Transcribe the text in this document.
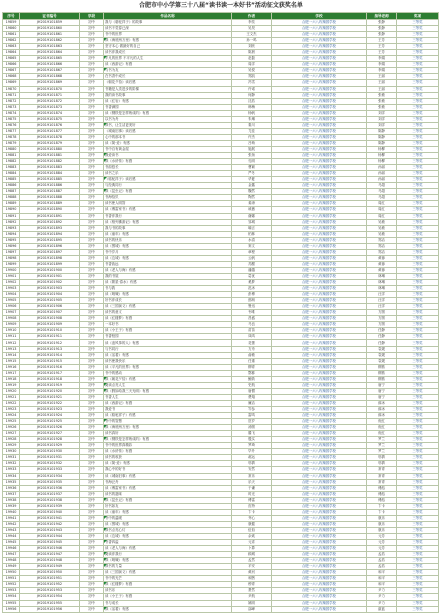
合肥市中小学第三十八届“读书读一本好书”活动征文获奖名单
序号	证书编号	学段	作品名称	作者	学校	指导老师	奖项
19859	JH2019101859	初中	我与《骆驼祥子》的故事	李奕	合肥一六八玫瑰园学校	张静	三等奖
19860	JH2019101860	初中	读书不觉春已深	吴昊	合肥一六八玫瑰园学校	张静	三等奖
19861	JH2019101861	初中	书中的世界	王文杰	合肥一六八玫瑰园学校	张静	三等奖
19862	JH2019101862	初中	读《海底两万里》有感	孙一鸣	合肥一六八玫瑰园学校	王芳	三等奖
19863	JH2019101863	初中	坚守本心 做最好的自己	刘欣	合肥一六八玫瑰园学校	王芳	三等奖
19864	JH2019101864	初中	读书伴我成长	陈晨	合肥一六八玫瑰园学校	王芳	三等奖
19865	JH2019101865	初中	平凡的世界 不平凡的人生	赵磊	合肥一六八玫瑰园学校	李娟	三等奖
19866	JH2019101866	初中	读《西游记》有感	周洋	合肥一六八玫瑰园学校	李娟	三等奖
19867	JH2019101867	初中	与书为友	吴悦	合肥一六八玫瑰园学校	李娟	三等奖
19868	JH2019101868	初中	在书香中成长	郑凯	合肥一六八玫瑰园学校	王丽	三等奖
19869	JH2019101869	初中	《朝花夕拾》读后感	冯雪	合肥一六八玫瑰园学校	王丽	三等奖
19870	JH2019101870	初中	书籍是人类进步的阶梯	许诺	合肥一六八玫瑰园学校	王丽	三等奖
19871	JH2019101871	初中	我的读书故事	何静	合肥一六八玫瑰园学校	张敏	三等奖
19872	JH2019101872	初中	读《红岩》有感	沈浩	合肥一六八玫瑰园学校	张敏	三等奖
19873	JH2019101873	初中	书香满园	韩梅	合肥一六八玫瑰园学校	张敏	三等奖
19874	JH2019101874	初中	读《钢铁是怎样炼成的》有感	杨帆	合肥一六八玫瑰园学校	刘洋	三等奖
19875	JH2019101875	初中	以书为舟	朱琳	合肥一六八玫瑰园学校	刘洋	三等奖
19876	JH2019101876	初中	读书，让生活更美好	秦川	合肥一六八玫瑰园学校	刘洋	三等奖
19877	JH2019101877	初中	《城南旧事》读后感	尤佳	合肥一六八玫瑰园学校	陈静	三等奖
19878	JH2019101878	初中	心中的那本书	许杰	合肥一六八玫瑰园学校	陈静	三等奖
19879	JH2019101879	初中	读《简·爱》有感	吕萌	合肥一六八玫瑰园学校	陈静	三等奖
19880	JH2019101880	初中	书中自有黄金屋	施展	合肥一六八玫瑰园学校	杨柳	三等奖
19881	JH2019101881	初中	我爱读书	张扬	合肥一六八玫瑰园学校	杨柳	三等奖
19882	JH2019101882	初中	读《水浒传》有感	孔明	合肥一六八玫瑰园学校	杨柳	三等奖
19883	JH2019101883	初中	书韵悠长	曹颖	合肥一六八玫瑰园学校	孙丽	三等奖
19884	JH2019101884	初中	读书之乐	严冬	合肥一六八玫瑰园学校	孙丽	三等奖
19885	JH2019101885	初中	《骆驼祥子》读后感	华夏	合肥一六八玫瑰园学校	孙丽	三等奖
19886	JH2019101886	初中	与经典同行	金鑫	合肥一六八玫瑰园学校	马超	三等奖
19887	JH2019101887	初中	读《昆虫记》有感	魏然	合肥一六八玫瑰园学校	马超	三等奖
19888	JH2019101888	初中	书海拾贝	陶然	合肥一六八玫瑰园学校	马超	三等奖
19889	JH2019101889	初中	读书使人明智	姜涛	合肥一六八玫瑰园学校	周红	三等奖
19890	JH2019101890	初中	读《傅雷家书》有感	戚薇	合肥一六八玫瑰园学校	周红	三等奖
19891	JH2019101891	初中	书香伴我行	谢娜	合肥一六八玫瑰园学校	周红	三等奖
19892	JH2019101892	初中	读《格列佛游记》有感	邹城	合肥一六八玫瑰园学校	吴敏	三等奖
19893	JH2019101893	初中	我与书的故事	喻言	合肥一六八玫瑰园学校	吴敏	三等奖
19894	JH2019101894	初中	读《童年》有感	柏林	合肥一六八玫瑰园学校	吴敏	三等奖
19895	JH2019101895	初中	读书的快乐	水清	合肥一六八玫瑰园学校	郑洁	三等奖
19896	JH2019101896	初中	读《围城》有感	窦文	合肥一六八玫瑰园学校	郑洁	三等奖
19897	JH2019101897	初中	书中岁月	章程	合肥一六八玫瑰园学校	郑洁	三等奖
19898	JH2019101898	初中	读《边城》有感	云帆	合肥一六八玫瑰园学校	黄蓉	三等奖
19899	JH2019101899	初中	书香致远	苏醒	合肥一六八玫瑰园学校	黄蓉	三等奖
19900	JH2019101900	初中	读《老人与海》有感	潘越	合肥一六八玫瑰园学校	黄蓉	三等奖
19901	JH2019101901	初中	我的书屋	葛优	合肥一六八玫瑰园学校	林琳	三等奖
19902	JH2019101902	初中	读《繁星·春水》有感	奚梦	合肥一六八玫瑰园学校	林琳	三等奖
19903	JH2019101903	初中	书与我	范冰	合肥一六八玫瑰园学校	林琳	三等奖
19904	JH2019101904	初中	读《呐喊》有感	彭博	合肥一六八玫瑰园学校	汪洋	三等奖
19905	JH2019101905	初中	好书伴成长	郎朗	合肥一六八玫瑰园学校	汪洋	三等奖
19906	JH2019101906	初中	读《三国演义》有感	鲁迅	合肥一六八玫瑰园学校	汪洋	三等奖
19907	JH2019101907	初中	读书的意义	韦唯	合肥一六八玫瑰园学校	方圆	三等奖
19908	JH2019101908	初中	读《红楼梦》有感	昌盛	合肥一六八玫瑰园学校	方圆	三等奖
19909	JH2019101909	初中	一本好书	马良	合肥一六八玫瑰园学校	方圆	三等奖
19910	JH2019101910	初中	读《小王子》有感	苗苗	合肥一六八玫瑰园学校	任静	三等奖
19911	JH2019101911	初中	书香校园	凤鸣	合肥一六八玫瑰园学校	任静	三等奖
19912	JH2019101912	初中	读《追风筝的人》有感	花蕾	合肥一六八玫瑰园学校	任静	三等奖
19913	JH2019101913	初中	与书同行	方舟	合肥一六八玫瑰园学校	袁媛	三等奖
19914	JH2019101914	初中	读《活着》有感	俞敏	合肥一六八玫瑰园学校	袁媛	三等奖
19915	JH2019101915	初中	读书使我快乐	任重	合肥一六八玫瑰园学校	袁媛	三等奖
19916	JH2019101916	初中	读《平凡的世界》有感	柳青	合肥一六八玫瑰园学校	柳燕	三等奖
19917	JH2019101917	初中	书中的感动	酆都	合肥一六八玫瑰园学校	柳燕	三等奖
19918	JH2019101918	初中	读《朝花夕拾》有感	鲍勃	合肥一六八玫瑰园学校	柳燕	三等奖
19919	JH2019101919	初中	阅读点亮人生	史航	合肥一六八玫瑰园学校	唐宁	三等奖
19920	JH2019101920	初中	读《假如给我三天光明》有感	唐僧	合肥一六八玫瑰园学校	唐宁	三等奖
19921	JH2019101921	初中	书香人生	费翔	合肥一六八玫瑰园学校	唐宁	三等奖
19922	JH2019101922	初中	读《西游记》有感	廉洁	合肥一六八玫瑰园学校	薛冰	三等奖
19923	JH2019101923	初中	我爱书	岑参	合肥一六八玫瑰园学校	薛冰	三等奖
19924	JH2019101924	初中	读《骆驼祥子》有感	雷鸣	合肥一六八玫瑰园学校	薛冰	三等奖
19925	JH2019101925	初中	书中的智慧	贺岁	合肥一六八玫瑰园学校	倪红	三等奖
19926	JH2019101926	初中	读《海底两万里》有感	汤圆	合肥一六八玫瑰园学校	倪红	三等奖
19927	JH2019101927	初中	读书真好	滕飞	合肥一六八玫瑰园学校	倪红	三等奖
19928	JH2019101928	初中	读《钢铁是怎样炼成的》有感	殷实	合肥一六八玫瑰园学校	罗兰	三等奖
19929	JH2019101929	初中	书中的世界真精彩	罗琦	合肥一六八玫瑰园学校	罗兰	三等奖
19930	JH2019101930	初中	读《水浒传》有感	毕升	合肥一六八玫瑰园学校	罗兰	三等奖
19931	JH2019101931	初中	读书的收获	郝运	合肥一六八玫瑰园学校	邬倩	三等奖
19932	JH2019101932	初中	读《简·爱》有感	邬倩	合肥一六八玫瑰园学校	邬倩	三等奖
19933	JH2019101933	初中	我心中的好书	安然	合肥一六八玫瑰园学校	常青	三等奖
19934	JH2019101934	初中	读《城南旧事》有感	常乐	合肥一六八玫瑰园学校	常青	三等奖
19935	JH2019101935	初中	书海泛舟	乐天	合肥一六八玫瑰园学校	常青	三等奖
19936	JH2019101936	初中	读《傅雷家书》有感	于谦	合肥一六八玫瑰园学校	傅彪	三等奖
19937	JH2019101937	初中	读书的滋味	时光	合肥一六八玫瑰园学校	傅彪	三等奖
19938	JH2019101938	初中	读《昆虫记》有感	傅雷	合肥一六八玫瑰园学校	傅彪	三等奖
19939	JH2019101939	初中	好书如友	皮特	合肥一六八玫瑰园学校	卞卡	三等奖
19940	JH2019101940	初中	读《童年》有感	卞卡	合肥一六八玫瑰园学校	卞卡	三等奖
19941	JH2019101941	初中	书中的温暖	齐心	合肥一六八玫瑰园学校	康乐	三等奖
19942	JH2019101942	初中	读《围城》有感	康健	合肥一六八玫瑰园学校	康乐	三等奖
19943	JH2019101943	初中	读书点亮心灯	伍佰	合肥一六八玫瑰园学校	康乐	三等奖
19944	JH2019101944	初中	读《边城》有感	余欢	合肥一六八玫瑰园学校	元芳	三等奖
19945	JH2019101945	初中	书香四溢	元宵	合肥一六八玫瑰园学校	元芳	三等奖
19946	JH2019101946	初中	读《老人与海》有感	卜算	合肥一六八玫瑰园学校	元芳	三等奖
19947	JH2019101947	初中	阅读伴我行	顾城	合肥一六八玫瑰园学校	孟浩	三等奖
19948	JH2019101948	初中	读《呐喊》有感	孟然	合肥一六八玫瑰园学校	孟浩	三等奖
19949	JH2019101949	初中	读书的力量	平安	合肥一六八玫瑰园学校	孟浩	三等奖
19950	JH2019101950	初中	读《三国演义》有感	黄河	合肥一六八玫瑰园学校	和平	三等奖
19951	JH2019101951	初中	书中的光芒	和煦	合肥一六八玫瑰园学校	和平	三等奖
19952	JH2019101952	初中	读《红楼梦》有感	穆青	合肥一六八玫瑰园学校	和平	三等奖
19953	JH2019101953	初中	读书乐	萧然	合肥一六八玫瑰园学校	尹力	三等奖
19954	JH2019101954	初中	读《小王子》有感	尹航	合肥一六八玫瑰园学校	尹力	三等奖
19955	JH2019101955	初中	书与成长	姚明	合肥一六八玫瑰园学校	尹力	三等奖
19956	JH2019101956	初中	读《活着》有感	邵峰	合肥一六八玫瑰园学校	湛蓝	三等奖
